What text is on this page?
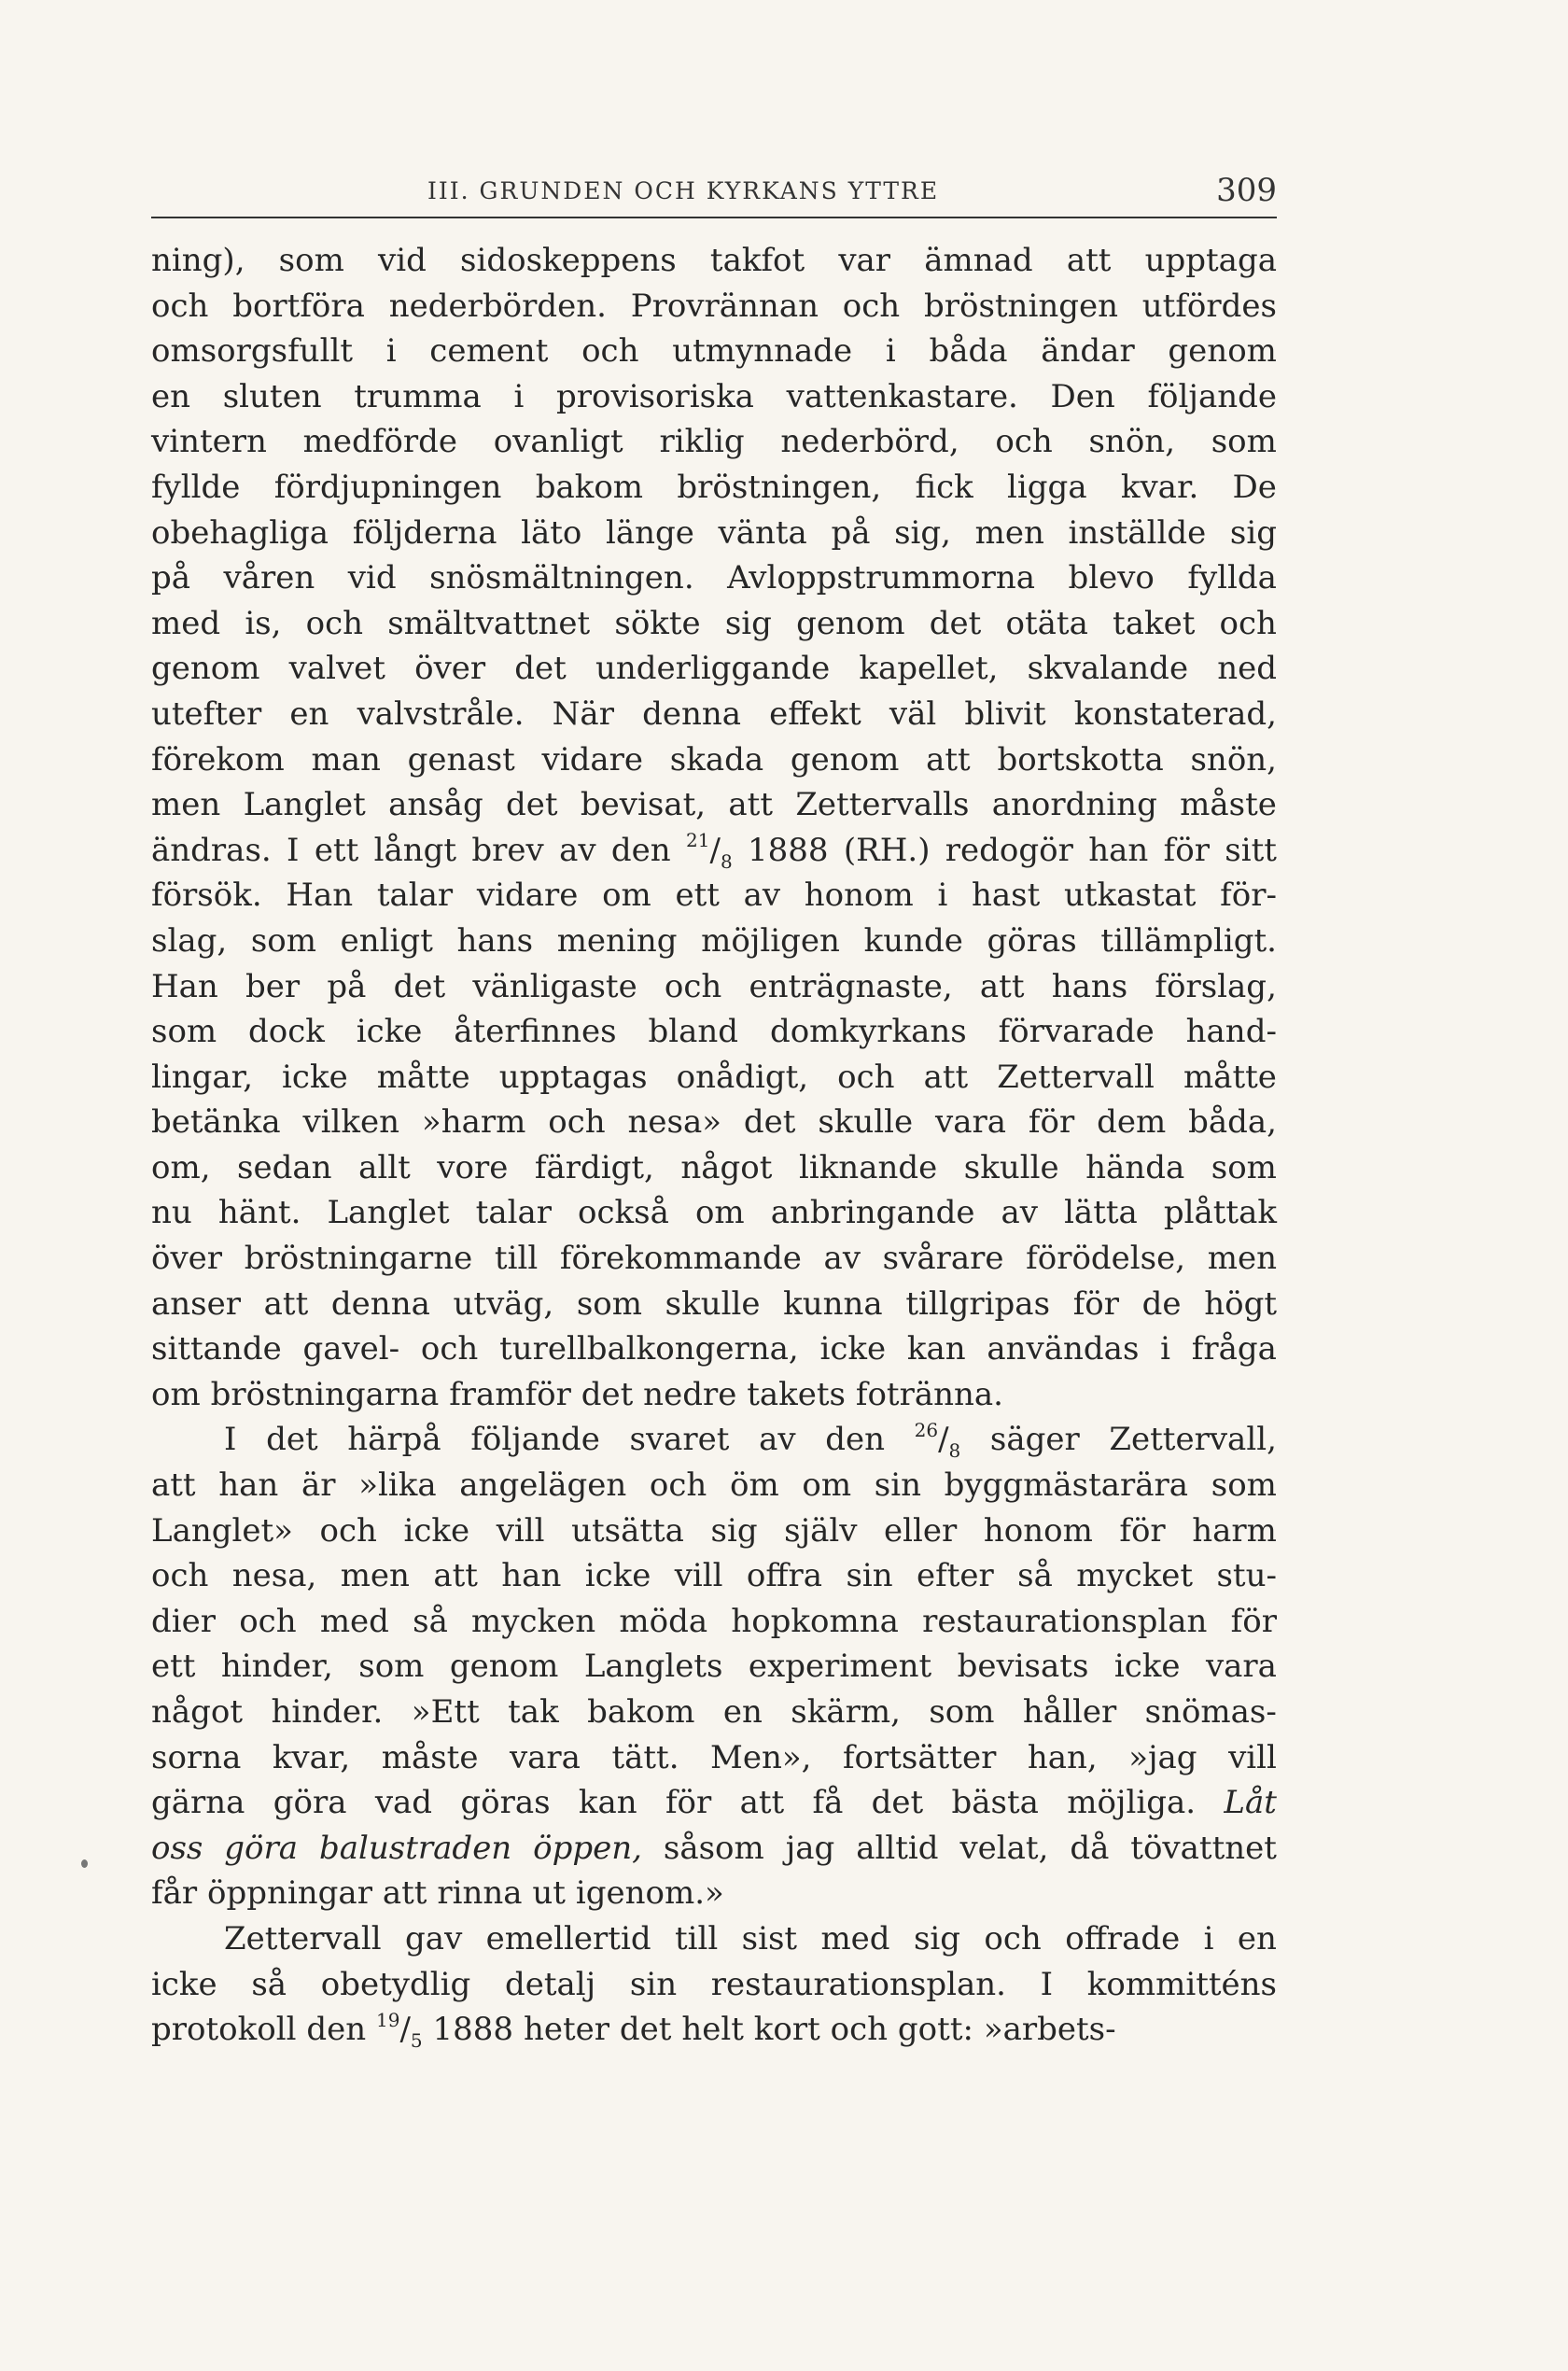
III. GRUNDEN OCH KYRKANS YTTRE	309
ning), som vid sidoskeppens takfot var ämnad att upptaga
och bortföra nederbörden. Provrännan och bröstningen utfördes
omsorgsfullt i cement och utmynnade i båda ändar genom
en sluten trumma i provisoriska vattenkastare. Den följande
vintern medförde ovanligt riklig nederbörd, och snön, som
fyllde fördjupningen bakom bröstningen, fick ligga kvar. De
obehagliga följderna läto länge vänta på sig, men inställde sig
på våren vid snösmältningen. Avloppstrummorna blevo fyllda
med is, och smältvattnet sökte sig genom det otäta taket och
genom valvet över det underliggande kapellet, skvalande ned
utefter en valvstråle. När denna effekt väl blivit konstaterad,
förekom man genast vidare skada genom att bortskotta snön,
men Langlet ansåg det bevisat, att Zettervalls anordning måste
ändras. I ett långt brev av den $^{21}/_8$ 1888 (RH.) redogör han för sitt
försök. Han talar vidare om ett av honom i hast utkastat för-
slag, som enligt hans mening möjligen kunde göras tillämpligt.
Han ber på det vänligaste och enträgnaste, att hans förslag,
som dock icke återfinnes bland domkyrkans förvarade hand-
lingar, icke måtte upptagas onådigt, och att Zettervall måtte
betänka vilken »harm och nesa» det skulle vara för dem båda,
om, sedan allt vore färdigt, något liknande skulle hända som
nu hänt. Langlet talar också om anbringande av lätta plåttak
över bröstningarne till förekommande av svårare förödelse, men
anser att denna utväg, som skulle kunna tillgripas för de högt
sittande gavel- och turellbalkongerna, icke kan användas i fråga
om bröstningarna framför det nedre takets fotränna.
I det härpå följande svaret av den $^{26}/_8$ säger Zettervall,
att han är »lika angelägen och öm om sin byggmästarära som
Langlet» och icke vill utsätta sig själv eller honom för harm
och nesa, men att han icke vill offra sin efter så mycket stu-
dier och med så mycken möda hopkomna restaurationsplan för
ett hinder, som genom Langlets experiment bevisats icke vara
något hinder. »Ett tak bakom en skärm, som håller snömas-
sorna kvar, måste vara tätt. Men», fortsätter han, »jag vill
gärna göra vad göras kan för att få det bästa möjliga. Låt
oss göra balustraden öppen, såsom jag alltid velat, då tövattnet
får öppningar att rinna ut igenom.»
Zettervall gav emellertid till sist med sig och offrade i en
icke så obetydlig detalj sin restaurationsplan. I kommitténs
protokoll den $^{19}/_5$ 1888 heter det helt kort och gott: »arbets-
